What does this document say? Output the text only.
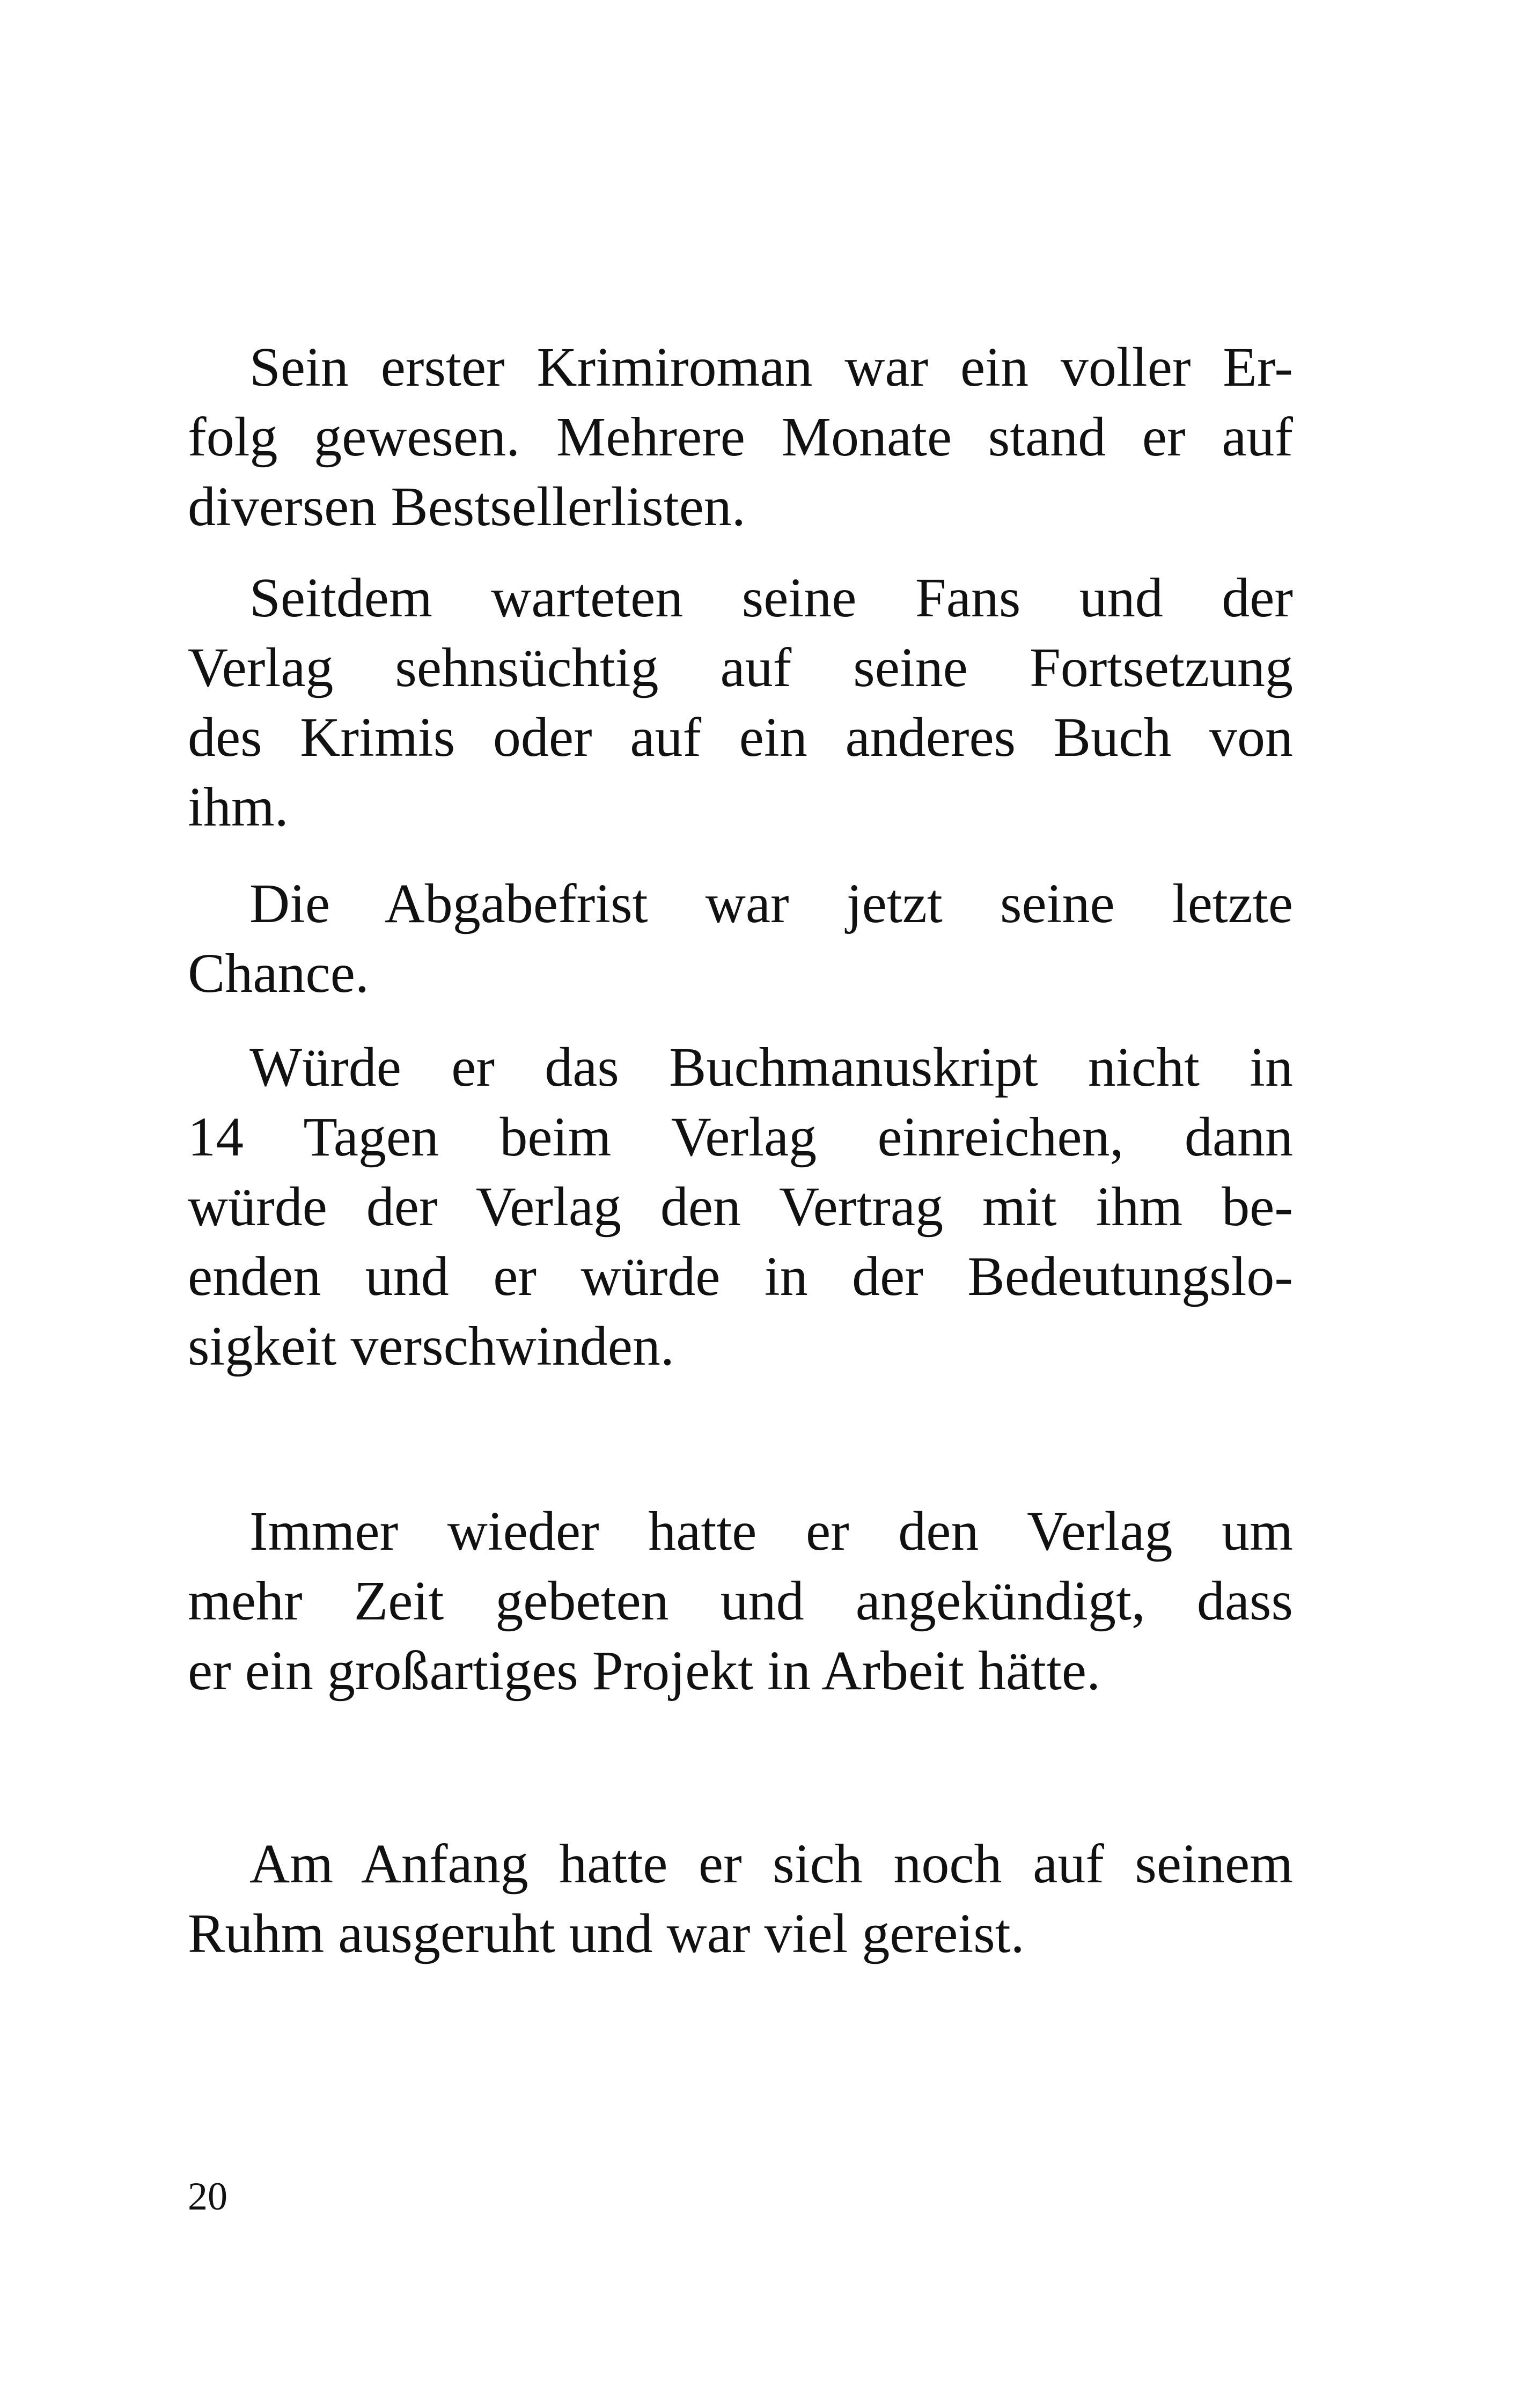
Sein erster Krimiroman war ein voller Er-
folg gewesen. Mehrere Monate stand er auf
diversen Bestsellerlisten.
Seitdem warteten seine Fans und der
Verlag sehnsüchtig auf seine Fortsetzung
des Krimis oder auf ein anderes Buch von
ihm.
Die Abgabefrist war jetzt seine letzte
Chance.
Würde er das Buchmanuskript nicht in
14 Tagen beim Verlag einreichen, dann
würde der Verlag den Vertrag mit ihm be-
enden und er würde in der Bedeutungslo-
sigkeit verschwinden.
Immer wieder hatte er den Verlag um
mehr Zeit gebeten und angekündigt, dass
er ein großartiges Projekt in Arbeit hätte.
Am Anfang hatte er sich noch auf seinem
Ruhm ausgeruht und war viel gereist.
20
